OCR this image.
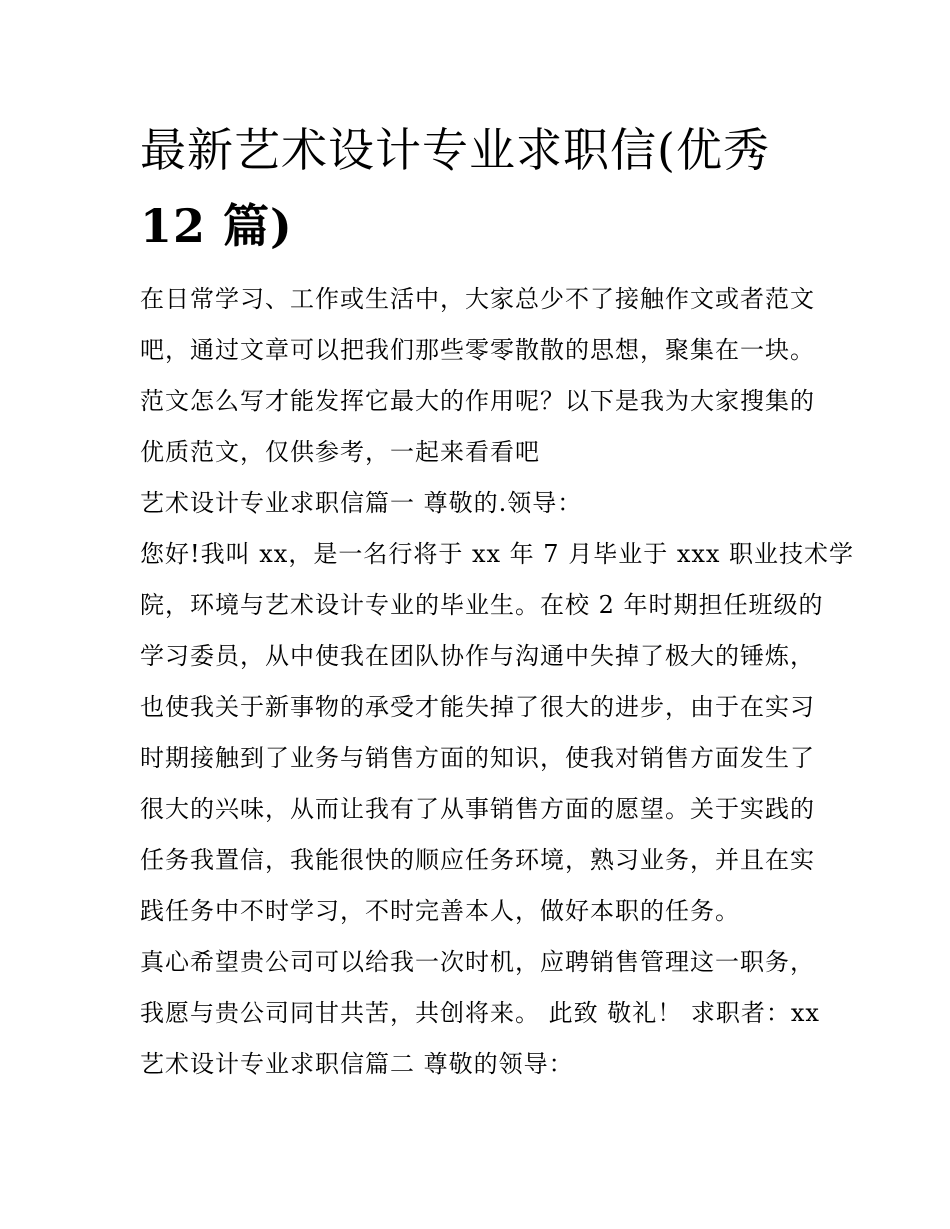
最新艺术设计专业求职信(优秀
12 篇)

在日常学习、工作或生活中，大家总少不了接触作文或者范文

吧，通过文章可以把我们那些零零散散的思想，聚集在一块。

范文怎么写才能发挥它最大的作用呢？以下是我为大家搜集的

优质范文，仅供参考，一起来看看吧

艺术设计专业求职信篇一 尊敬的.领导：

您好!我叫 xx，是一名行将于 xx 年 7 月毕业于 xxx 职业技术学

院，环境与艺术设计专业的毕业生。在校 2 年时期担任班级的

学习委员，从中使我在团队协作与沟通中失掉了极大的锤炼，

也使我关于新事物的承受才能失掉了很大的进步，由于在实习

时期接触到了业务与销售方面的知识，使我对销售方面发生了

很大的兴味，从而让我有了从事销售方面的愿望。关于实践的

任务我置信，我能很快的顺应任务环境，熟习业务，并且在实

践任务中不时学习，不时完善本人，做好本职的任务。

真心希望贵公司可以给我一次时机，应聘销售管理这一职务，

我愿与贵公司同甘共苦，共创将来。 此致 敬礼！ 求职者：xx

艺术设计专业求职信篇二 尊敬的领导：
